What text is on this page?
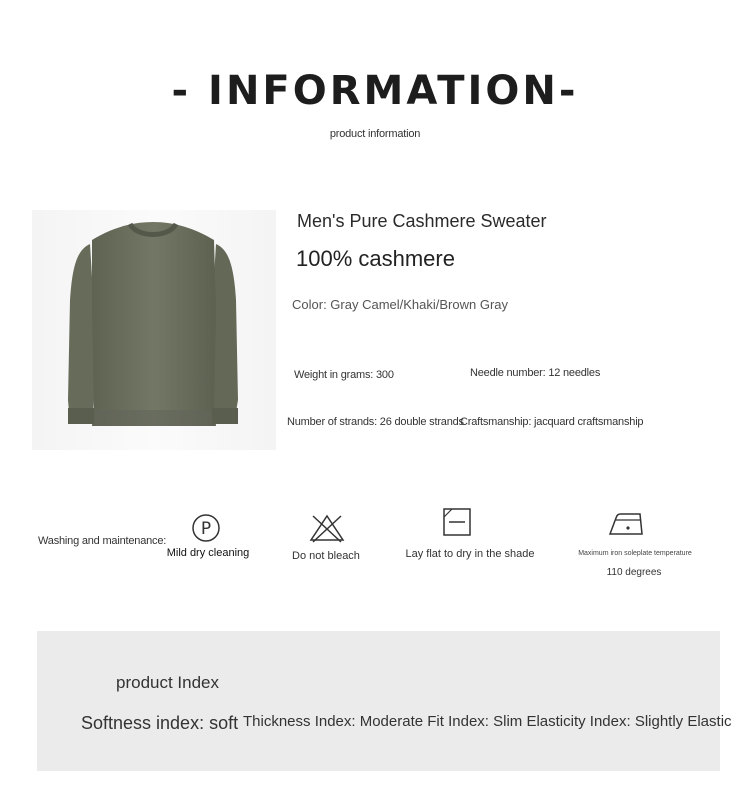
- INFORMATION-
product information
Men's Pure Cashmere Sweater
100% cashmere
Color: Gray Camel/Khaki/Brown Gray
Weight in grams: 300	Needle number: 12 needles
Number of strands: 26 double strands
Craftsmanship: jacquard craftsmanship
Washing and maintenance:
P
Mild dry cleaning	Do not bleach	Lay flat to dry in the shade	Maximum iron soleplate temperature
110 degrees
product Index
Softness index: soft Thickness Index: Moderate Fit Index: Slim Elasticity Index: Slightly Elastic
